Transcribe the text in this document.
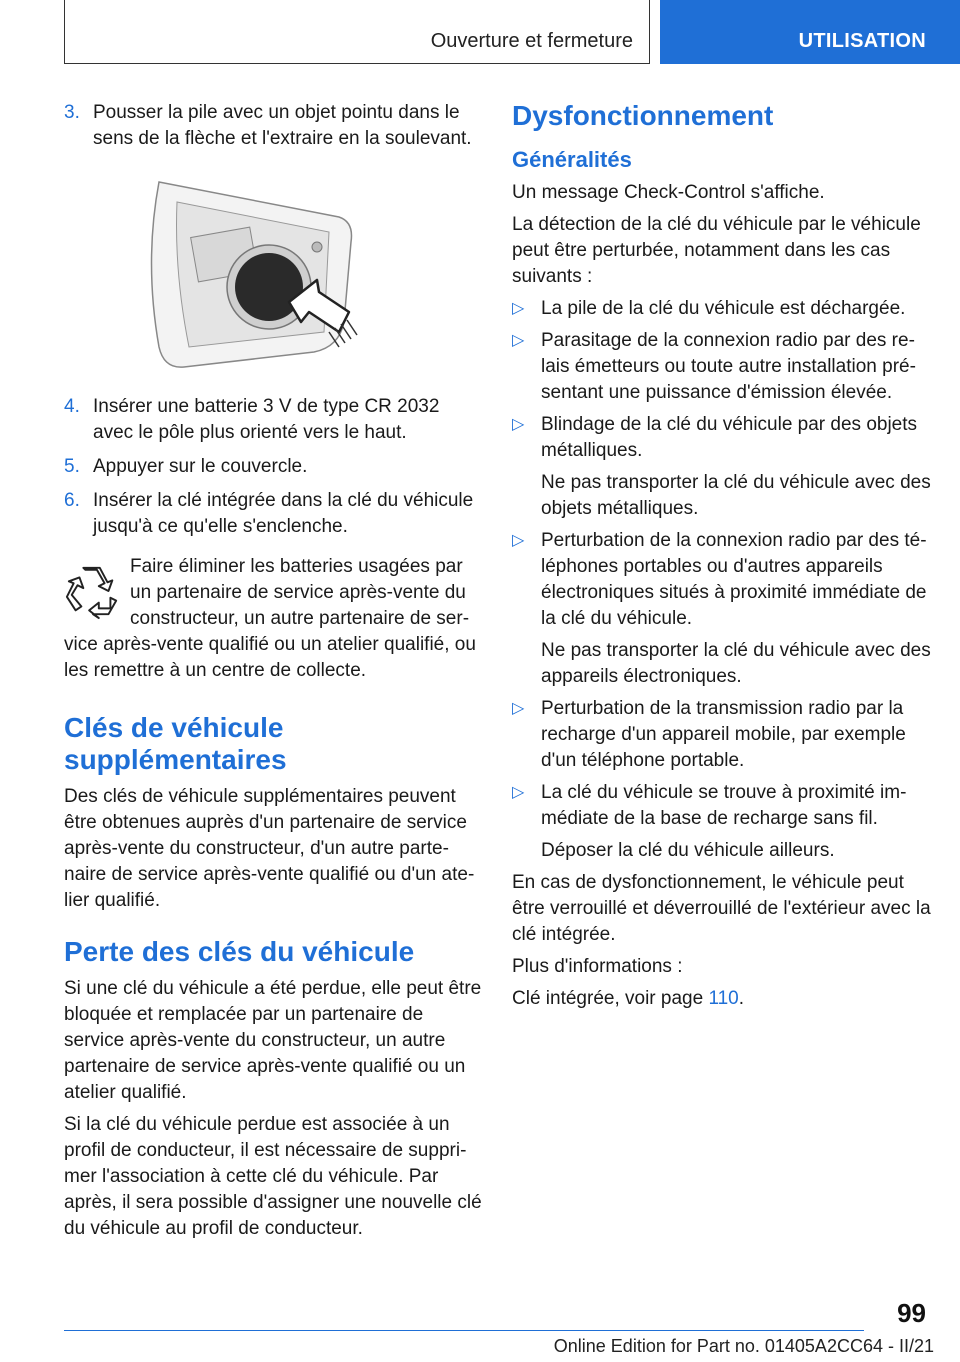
Ouverture et fermeture	UTILISATION
3. Pousser la pile avec un objet pointu dans le sens de la flèche et l'extraire en la soulevant.
4. Insérer une batterie 3 V de type CR 2032 avec le pôle plus orienté vers le haut.
5. Appuyer sur le couvercle.
6. Insérer la clé intégrée dans la clé du véhicule jusqu'à ce qu'elle s'enclenche.
Faire éliminer les batteries usagées par un partenaire de service après-vente du constructeur, un autre partenaire de service après-vente qualifié ou un atelier qualifié, ou les remettre à un centre de collecte.
Clés de véhicule supplémentaires

Des clés de véhicule supplémentaires peuvent être obtenues auprès d'un partenaire de service après-vente du constructeur, d'un autre partenaire de service après-vente qualifié ou d'un atelier qualifié.

Perte des clés du véhicule

Si une clé du véhicule a été perdue, elle peut être bloquée et remplacée par un partenaire de service après-vente du constructeur, un autre partenaire de service après-vente qualifié ou un atelier qualifié.

Si la clé du véhicule perdue est associée à un profil de conducteur, il est nécessaire de supprimer l'association à cette clé du véhicule. Par après, il sera possible d'assigner une nouvelle clé du véhicule au profil de conducteur.

Dysfonctionnement
Généralités

Un message Check-Control s'affiche.

La détection de la clé du véhicule par le véhicule peut être perturbée, notamment dans les cas suivants :

▷ La pile de la clé du véhicule est déchargée.
▷ Parasitage de la connexion radio par des relais émetteurs ou toute autre installation présentant une puissance d'émission élevée.
▷ Blindage de la clé du véhicule par des objets métalliques.
Ne pas transporter la clé du véhicule avec des objets métalliques.
▷ Perturbation de la connexion radio par des téléphones portables ou d'autres appareils électroniques situés à proximité immédiate de la clé du véhicule.
Ne pas transporter la clé du véhicule avec des appareils électroniques.
▷ Perturbation de la transmission radio par la recharge d'un appareil mobile, par exemple d'un téléphone portable.
▷ La clé du véhicule se trouve à proximité immédiate de la base de recharge sans fil.
Déposer la clé du véhicule ailleurs.

En cas de dysfonctionnement, le véhicule peut être verrouillé et déverrouillé de l'extérieur avec la clé intégrée.

Plus d'informations :

Clé intégrée, voir page 110.

99
Online Edition for Part no. 01405A2CC64 - II/21
